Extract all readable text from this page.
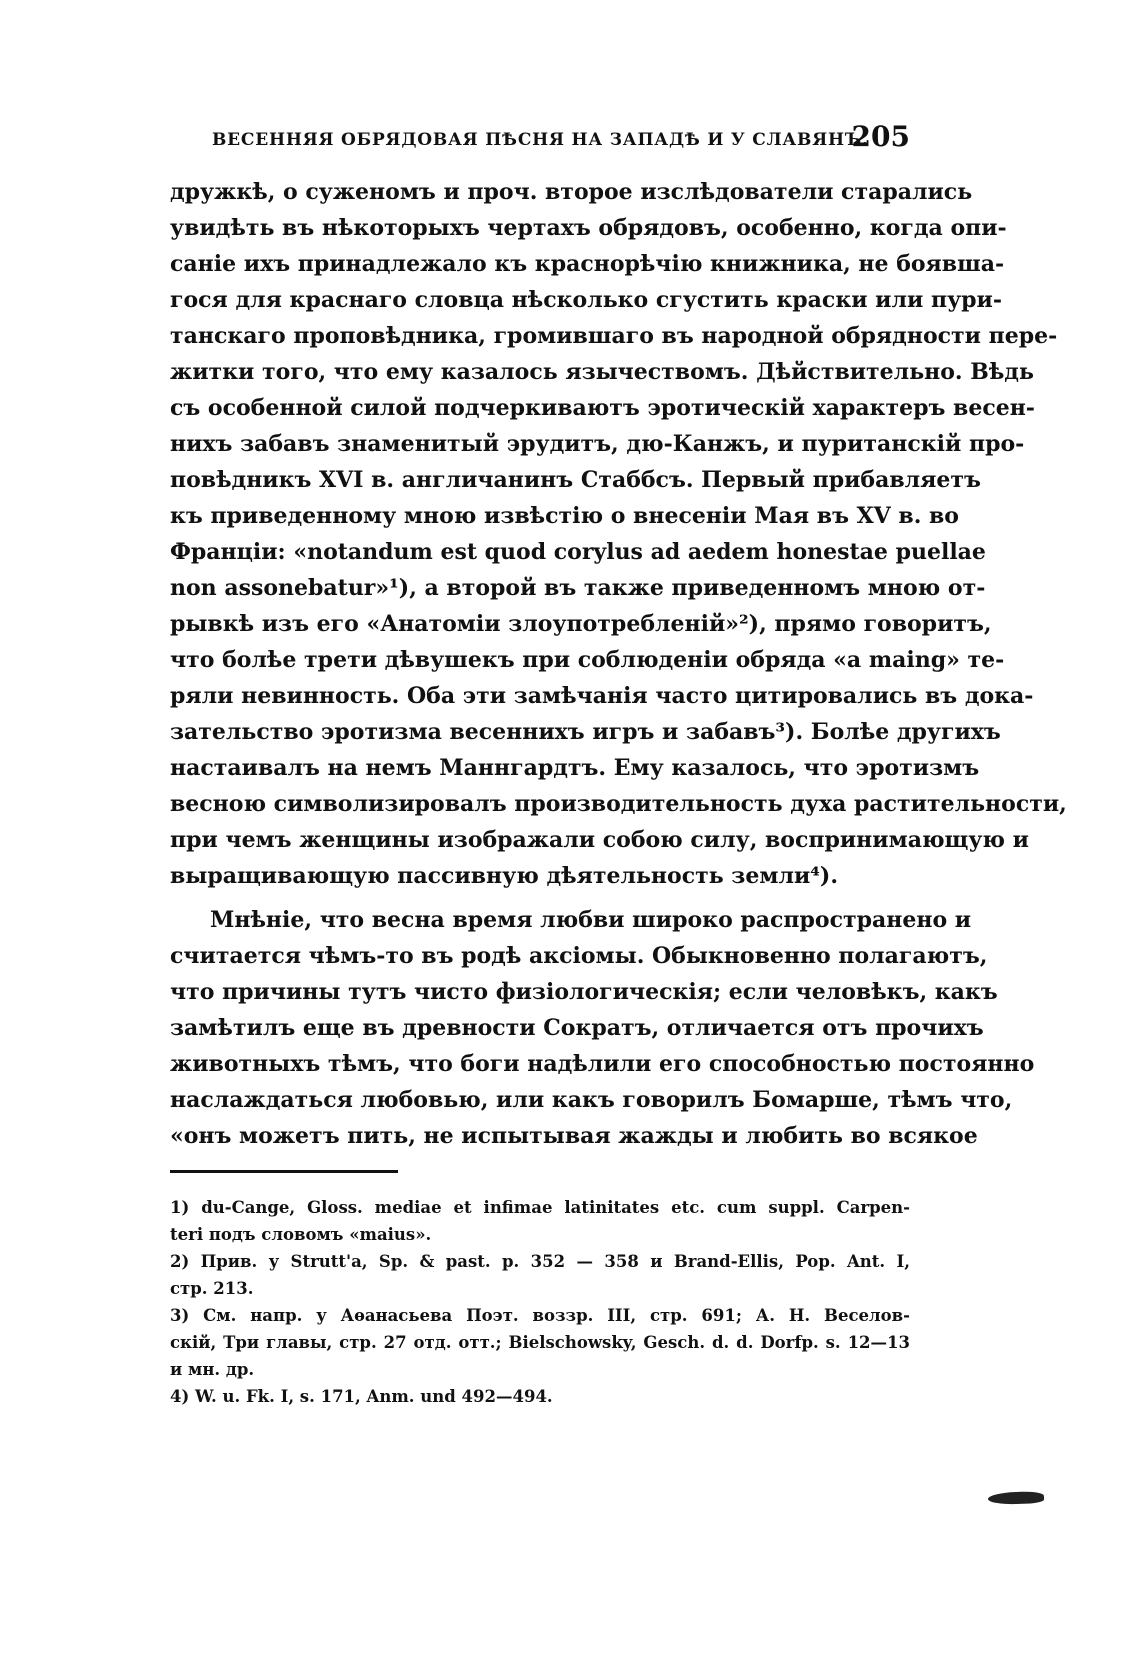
ВЕСЕННЯЯ ОБРЯДОВАЯ ПѢСНЯ НА ЗАПАДѢ И У СЛАВЯНЪ.
205
дружкѣ, о суженомъ и проч. второе изслѣдователи старались
увидѣть въ нѣкоторыхъ чертахъ обрядовъ, особенно, когда опи-
саніе ихъ принадлежало къ краснорѣчію книжника, не боявша-
гося для краснаго словца нѣсколько сгустить краски или пури-
танскаго проповѣдника, громившаго въ народной обрядности пере-
житки того, что ему казалось язычествомъ. Дѣйствительно. Вѣдь
съ особенной силой подчеркиваютъ эротическій характеръ весен-
нихъ забавъ знаменитый эрудитъ, дю-Канжъ, и пуританскій про-
повѣдникъ XVI в. англичанинъ Стаббсъ. Первый прибавляетъ
къ приведенному мною извѣстію о внесеніи Мая въ XV в. во
Франціи: «notandum est quod corylus ad aedem honestae puellae
non assonebatur»¹), а второй въ также приведенномъ мною от-
рывкѣ изъ его «Анатоміи злоупотребленій»²), прямо говоритъ,
что болѣе трети дѣвушекъ при соблюденіи обряда «a maing» те-
ряли невинность. Оба эти замѣчанія часто цитировались въ дока-
зательство эротизма весеннихъ игръ и забавъ³). Болѣе другихъ
настаивалъ на немъ Маннгардтъ. Ему казалось, что эротизмъ
весною символизировалъ производительность духа растительности,
при чемъ женщины изображали собою силу, воспринимающую и
выращивающую пассивную дѣятельность земли⁴).
Мнѣніе, что весна время любви широко распространено и
считается чѣмъ-то въ родѣ аксіомы. Обыкновенно полагаютъ,
что причины тутъ чисто физіологическія; если человѣкъ, какъ
замѣтилъ еще въ древности Сократъ, отличается отъ прочихъ
животныхъ тѣмъ, что боги надѣлили его способностью постоянно
наслаждаться любовью, или какъ говорилъ Бомарше, тѣмъ что,
«онъ можетъ пить, не испытывая жажды и любить во всякое
1) du-Cange, Gloss. mediae et infimae latinitates etc. cum suppl. Carpen-
teri подъ словомъ «maius».
2) Прив. у Strutt'a, Sp. & past. p. 352 — 358 и Brand-Ellis, Pop. Ant. I,
стр. 213.
3) См. напр. у Аѳанасьева Поэт. воззр. III, стр. 691; А. Н. Веселов-
скій, Три главы, стр. 27 отд. отт.; Bielschowsky, Gesch. d. d. Dorfp. s. 12—13
и мн. др.
4) W. u. Fk. I, s. 171, Anm. und 492—494.
